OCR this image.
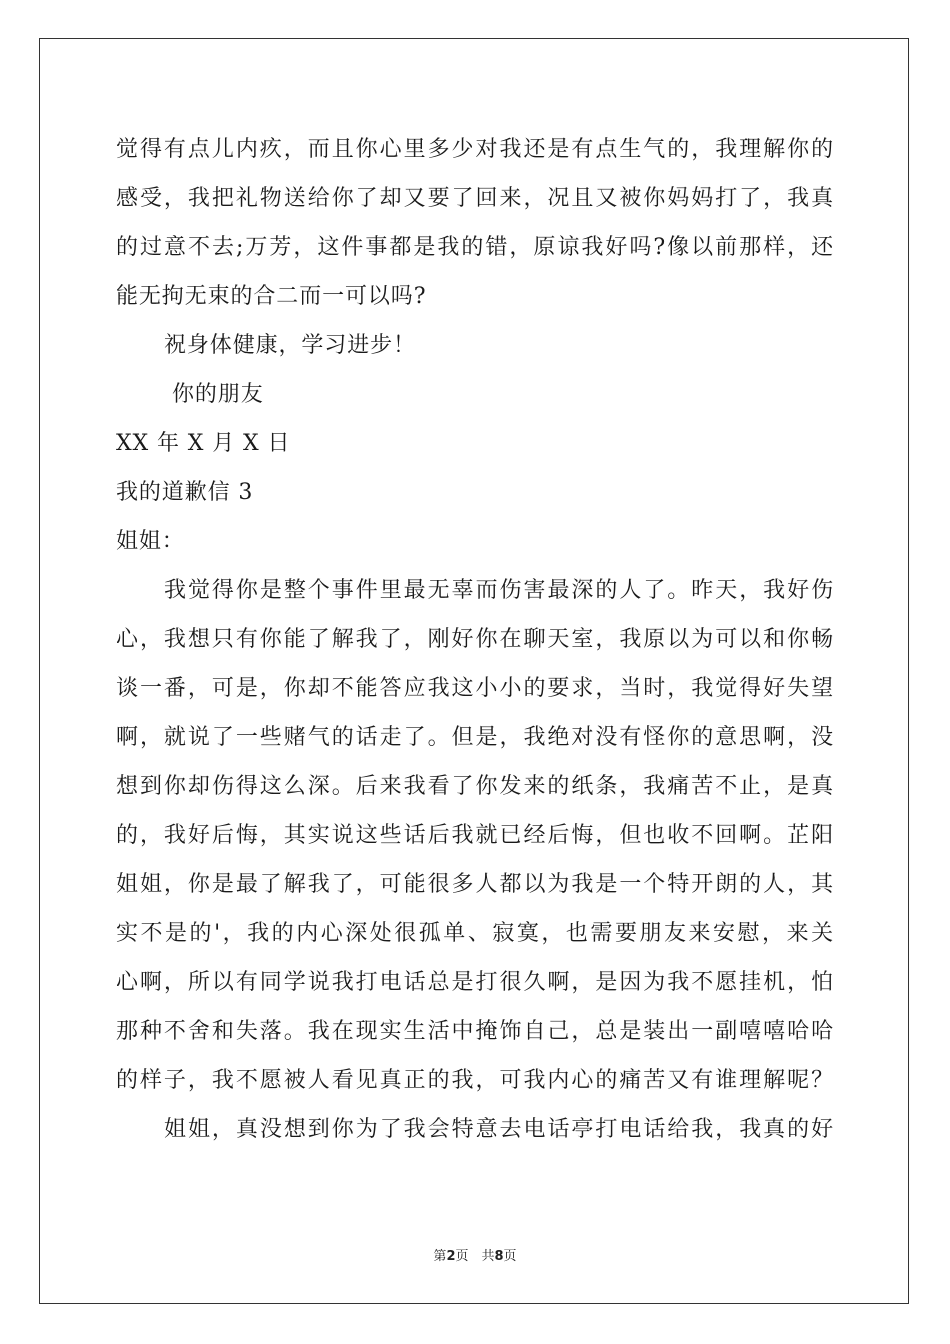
觉得有点儿内疚，而且你心里多少对我还是有点生气的，我理解你的
感受，我把礼物送给你了却又要了回来，况且又被你妈妈打了，我真
的过意不去;万芳，这件事都是我的错，原谅我好吗?像以前那样，还
能无拘无束的合二而一可以吗?
祝身体健康，学习进步！
你的朋友
XX 年 X 月 X 日
我的道歉信 3
姐姐：
我觉得你是整个事件里最无辜而伤害最深的人了。昨天，我好伤
心，我想只有你能了解我了，刚好你在聊天室，我原以为可以和你畅
谈一番，可是，你却不能答应我这小小的要求，当时，我觉得好失望
啊，就说了一些赌气的话走了。但是，我绝对没有怪你的意思啊，没
想到你却伤得这么深。后来我看了你发来的纸条，我痛苦不止，是真
的，我好后悔，其实说这些话后我就已经后悔，但也收不回啊。芷阳
姐姐，你是最了解我了，可能很多人都以为我是一个特开朗的人，其
实不是的'，我的内心深处很孤单、寂寞，也需要朋友来安慰，来关
心啊，所以有同学说我打电话总是打很久啊，是因为我不愿挂机，怕
那种不舍和失落。我在现实生活中掩饰自己，总是装出一副嘻嘻哈哈
的样子，我不愿被人看见真正的我，可我内心的痛苦又有谁理解呢？
姐姐，真没想到你为了我会特意去电话亭打电话给我，我真的好
第2页　共8页
